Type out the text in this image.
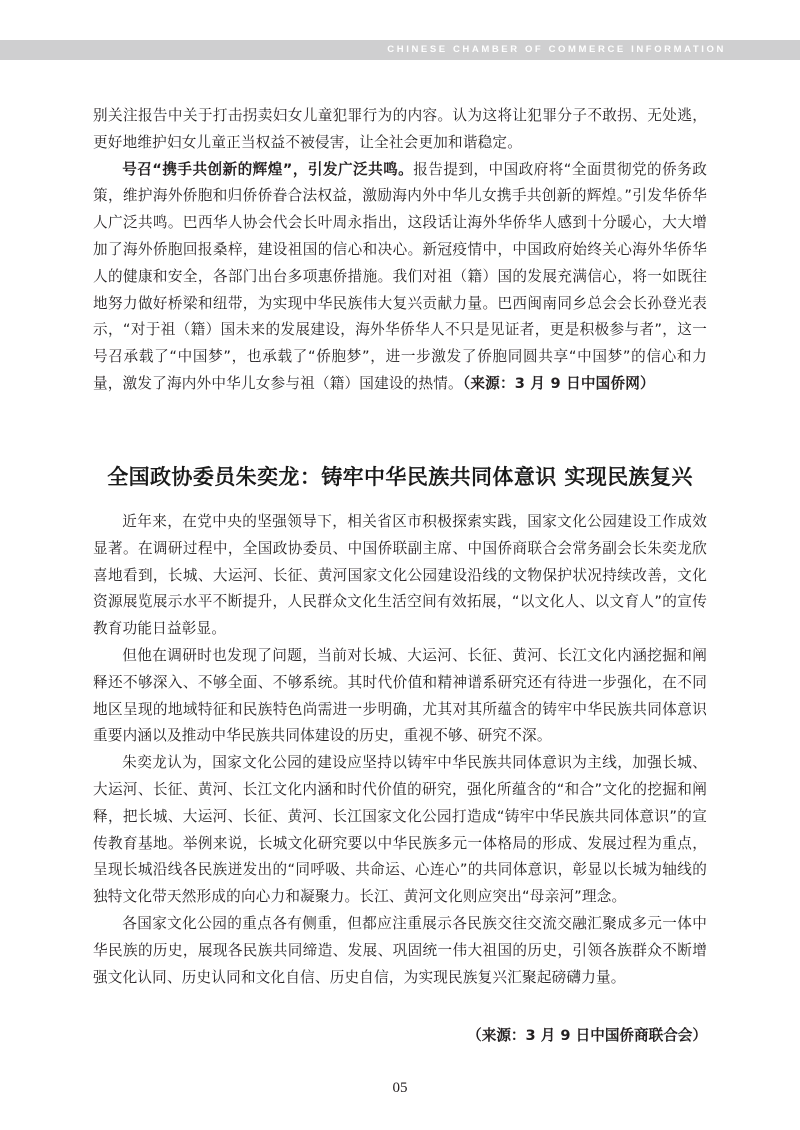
CHINESE CHAMBER OF COMMERCE INFORMATION

别关注报告中关于打击拐卖妇女儿童犯罪行为的内容。认为这将让犯罪分子不敢拐、无处逃，更好地维护妇女儿童正当权益不被侵害，让全社会更加和谐稳定。

号召“携手共创新的辉煌”，引发广泛共鸣。报告提到，中国政府将“全面贯彻党的侨务政策，维护海外侨胞和归侨侨眷合法权益，激励海内外中华儿女携手共创新的辉煌。”引发华侨华人广泛共鸣。巴西华人协会代会长叶周永指出，这段话让海外华侨华人感到十分暖心，大大增加了海外侨胞回报桑梓，建设祖国的信心和决心。新冠疫情中，中国政府始终关心海外华侨华人的健康和安全，各部门出台多项惠侨措施。我们对祖（籍）国的发展充满信心，将一如既往地努力做好桥梁和纽带，为实现中华民族伟大复兴贡献力量。巴西闽南同乡总会会长孙登光表示，“对于祖（籍）国未来的发展建设，海外华侨华人不只是见证者，更是积极参与者”，这一号召承载了“中国梦”，也承载了“侨胞梦”，进一步激发了侨胞同圆共享“中国梦”的信心和力量，激发了海内外中华儿女参与祖（籍）国建设的热情。（来源：3 月 9 日中国侨网）

全国政协委员朱奕龙：铸牢中华民族共同体意识 实现民族复兴

近年来，在党中央的坚强领导下，相关省区市积极探索实践，国家文化公园建设工作成效显著。在调研过程中，全国政协委员、中国侨联副主席、中国侨商联合会常务副会长朱奕龙欣喜地看到，长城、大运河、长征、黄河国家文化公园建设沿线的文物保护状况持续改善，文化资源展览展示水平不断提升，人民群众文化生活空间有效拓展，“以文化人、以文育人”的宣传教育功能日益彰显。

但他在调研时也发现了问题，当前对长城、大运河、长征、黄河、长江文化内涵挖掘和阐释还不够深入、不够全面、不够系统。其时代价值和精神谱系研究还有待进一步强化，在不同地区呈现的地域特征和民族特色尚需进一步明确，尤其对其所蕴含的铸牢中华民族共同体意识重要内涵以及推动中华民族共同体建设的历史，重视不够、研究不深。

朱奕龙认为，国家文化公园的建设应坚持以铸牢中华民族共同体意识为主线，加强长城、大运河、长征、黄河、长江文化内涵和时代价值的研究，强化所蕴含的“和合”文化的挖掘和阐释，把长城、大运河、长征、黄河、长江国家文化公园打造成“铸牢中华民族共同体意识”的宣传教育基地。举例来说，长城文化研究要以中华民族多元一体格局的形成、发展过程为重点，呈现长城沿线各民族迸发出的“同呼吸、共命运、心连心”的共同体意识，彰显以长城为轴线的独特文化带天然形成的向心力和凝聚力。长江、黄河文化则应突出“母亲河”理念。

各国家文化公园的重点各有侧重，但都应注重展示各民族交往交流交融汇聚成多元一体中华民族的历史，展现各民族共同缔造、发展、巩固统一伟大祖国的历史，引领各族群众不断增强文化认同、历史认同和文化自信、历史自信，为实现民族复兴汇聚起磅礴力量。

（来源：3 月 9 日中国侨商联合会）

05
